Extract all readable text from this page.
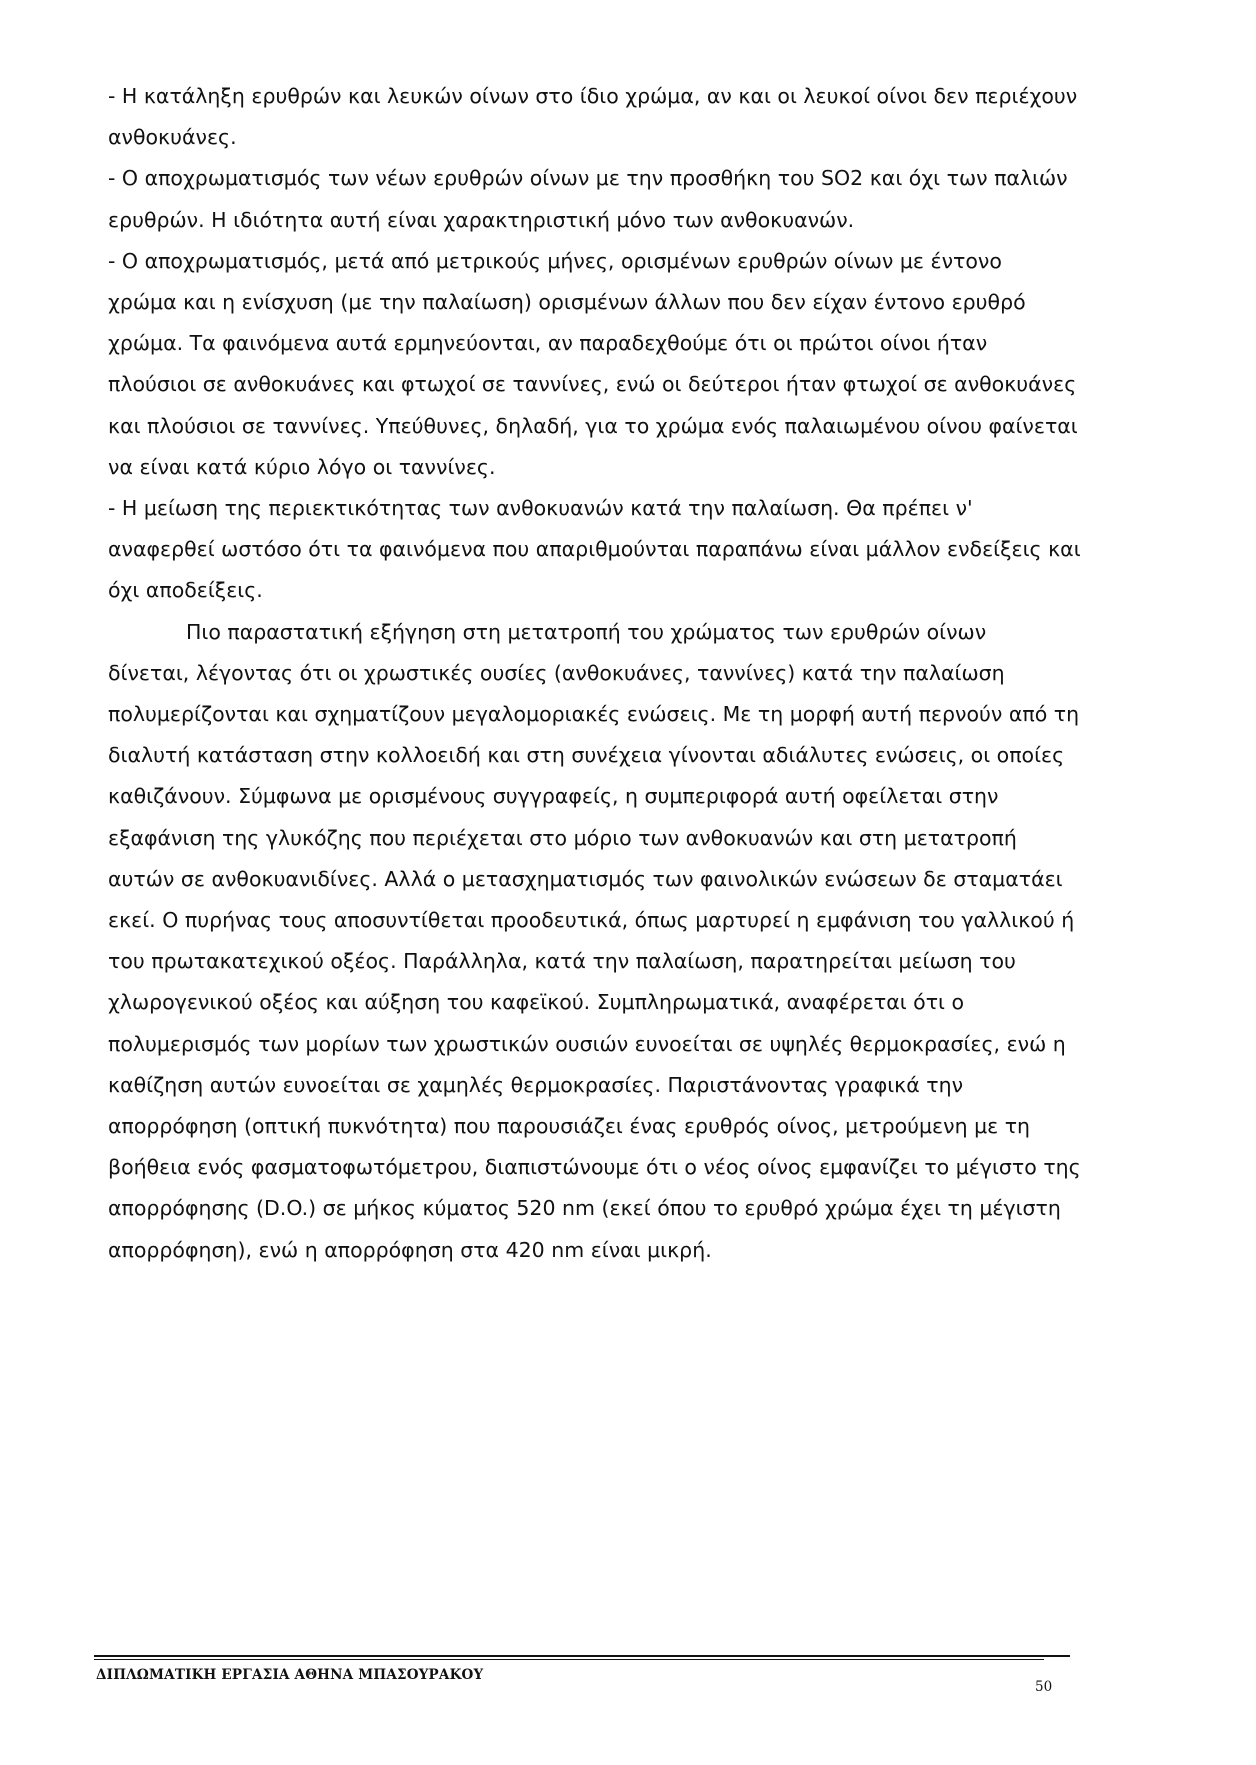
- Η κατάληξη ερυθρών και λευκών οίνων στο ίδιο χρώμα, αν και οι λευκοί οίνοι δεν περιέχουν

ανθοκυάνες.

- Ο αποχρωματισμός των νέων ερυθρών οίνων με την προσθήκη του SO2 και όχι των παλιών

ερυθρών. Η ιδιότητα αυτή είναι χαρακτηριστική μόνο των ανθοκυανών.

- Ο αποχρωματισμός, μετά από μετρικούς μήνες, ορισμένων ερυθρών οίνων με έντονο

χρώμα και η ενίσχυση (με την παλαίωση) ορισμένων άλλων που δεν είχαν έντονο ερυθρό

χρώμα. Τα φαινόμενα αυτά ερμηνεύονται, αν παραδεχθούμε ότι οι πρώτοι οίνοι ήταν

πλούσιοι σε ανθοκυάνες και φτωχοί σε ταννίνες, ενώ οι δεύτεροι ήταν φτωχοί σε ανθοκυάνες

και πλούσιοι σε ταννίνες. Υπεύθυνες, δηλαδή, για το χρώμα ενός παλαιωμένου οίνου φαίνεται

να είναι κατά κύριο λόγο οι ταννίνες.

- Η μείωση της περιεκτικότητας των ανθοκυανών κατά την παλαίωση. Θα πρέπει ν'

αναφερθεί ωστόσο ότι τα φαινόμενα που απαριθμούνται παραπάνω είναι μάλλον ενδείξεις και

όχι αποδείξεις.

Πιο παραστατική εξήγηση στη μετατροπή του χρώματος των ερυθρών οίνων

δίνεται, λέγοντας ότι οι χρωστικές ουσίες (ανθοκυάνες, ταννίνες) κατά την παλαίωση

πολυμερίζονται και σχηματίζουν μεγαλομοριακές ενώσεις. Με τη μορφή αυτή περνούν από τη

διαλυτή κατάσταση στην κολλοειδή και στη συνέχεια γίνονται αδιάλυτες ενώσεις, οι οποίες

καθιζάνουν. Σύμφωνα με ορισμένους συγγραφείς, η συμπεριφορά αυτή οφείλεται στην

εξαφάνιση της γλυκόζης που περιέχεται στο μόριο των ανθοκυανών και στη μετατροπή

αυτών σε ανθοκυανιδίνες. Αλλά ο μετασχηματισμός των φαινολικών ενώσεων δε σταματάει

εκεί. Ο πυρήνας τους αποσυντίθεται προοδευτικά, όπως μαρτυρεί η εμφάνιση του γαλλικού ή

του πρωτακατεχικού οξέος. Παράλληλα, κατά την παλαίωση, παρατηρείται μείωση του

χλωρογενικού οξέος και αύξηση του καφεϊκού. Συμπληρωματικά, αναφέρεται ότι ο

πολυμερισμός των μορίων των χρωστικών ουσιών ευνοείται σε υψηλές θερμοκρασίες, ενώ η

καθίζηση αυτών ευνοείται σε χαμηλές θερμοκρασίες. Παριστάνοντας γραφικά την

απορρόφηση (οπτική πυκνότητα) που παρουσιάζει ένας ερυθρός οίνος, μετρούμενη με τη

βοήθεια ενός φασματοφωτόμετρου, διαπιστώνουμε ότι ο νέος οίνος εμφανίζει το μέγιστο της

απορρόφησης (D.O.) σε μήκος κύματος 520 nm (εκεί όπου το ερυθρό χρώμα έχει τη μέγιστη

απορρόφηση), ενώ η απορρόφηση στα 420 nm είναι μικρή.

ΔΙΠΛΩΜΑΤΙΚΗ ΕΡΓΑΣΙΑ ΑΘΗΝΑ ΜΠΑΣΟΥΡΑΚΟΥ
50
